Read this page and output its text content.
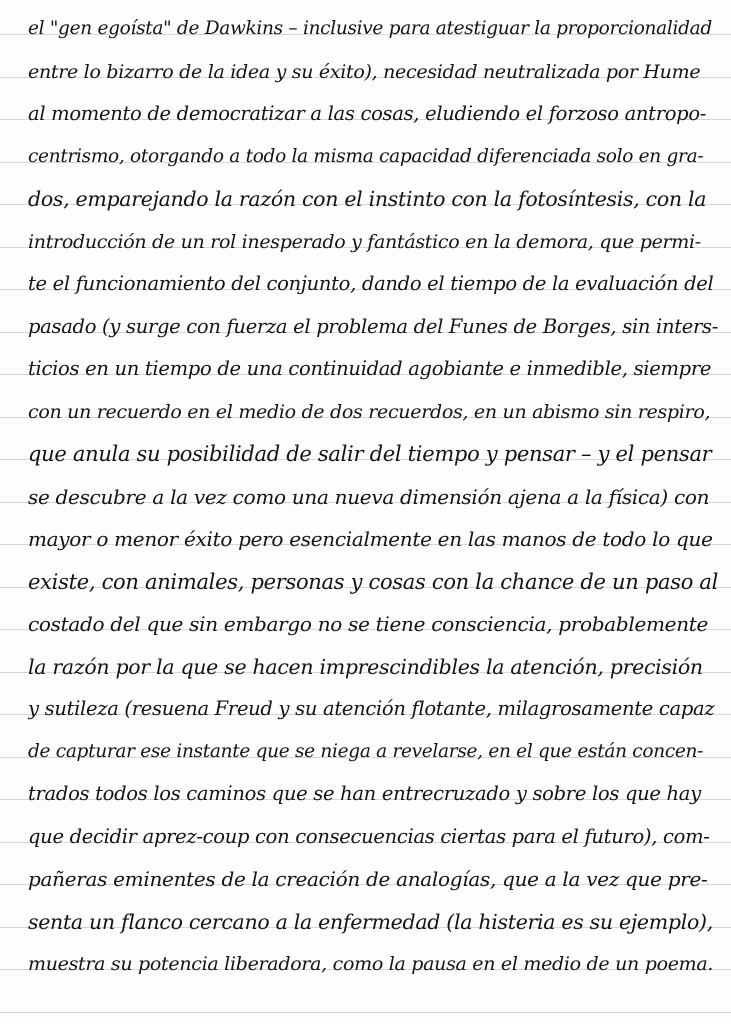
el "gen egoísta" de Dawkins – inclusive para atestiguar la proporcionalidad
entre lo bizarro de la idea y su éxito), necesidad neutralizada por Hume
al momento de democratizar a las cosas, eludiendo el forzoso antropo-
centrismo, otorgando a todo la misma capacidad diferenciada solo en gra-
dos, emparejando la razón con el instinto con la fotosíntesis, con la
introducción de un rol inesperado y fantástico en la demora, que permi-
te el funcionamiento del conjunto, dando el tiempo de la evaluación del
pasado (y surge con fuerza el problema del Funes de Borges, sin inters-
ticios en un tiempo de una continuidad agobiante e inmedible, siempre
con un recuerdo en el medio de dos recuerdos, en un abismo sin respiro,
que anula su posibilidad de salir del tiempo y pensar – y el pensar
se descubre a la vez como una nueva dimensión ajena a la física) con
mayor o menor éxito pero esencialmente en las manos de todo lo que
existe, con animales, personas y cosas con la chance de un paso al
costado del que sin embargo no se tiene consciencia, probablemente
la razón por la que se hacen imprescindibles la atención, precisión
y sutileza (resuena Freud y su atención flotante, milagrosamente capaz
de capturar ese instante que se niega a revelarse, en el que están concen-
trados todos los caminos que se han entrecruzado y sobre los que hay
que decidir aprez-coup con consecuencias ciertas para el futuro), com-
pañeras eminentes de la creación de analogías, que a la vez que pre-
senta un flanco cercano a la enfermedad (la histeria es su ejemplo),
muestra su potencia liberadora, como la pausa en el medio de un poema.
